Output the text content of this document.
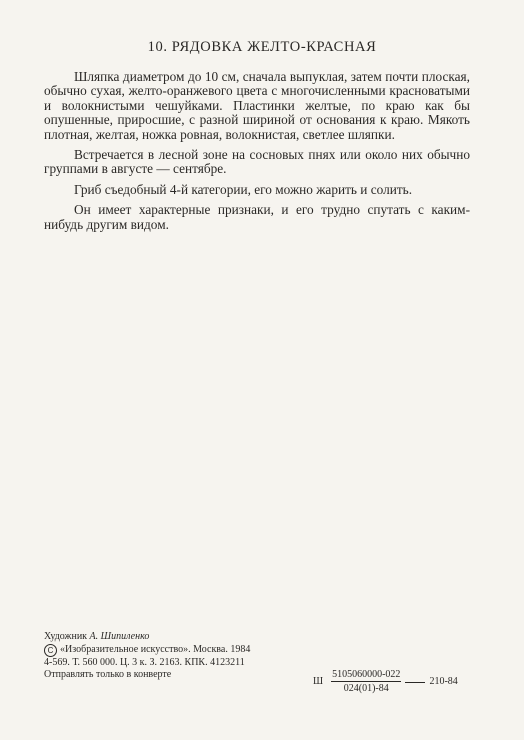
10. РЯДОВКА ЖЕЛТО-КРАСНАЯ

Шляпка диаметром до 10 см, сначала выпуклая, затем почти плоская, обычно сухая, желто-оранжевого цвета с многочисленными красноватыми и волокнистыми чешуйками. Пластинки желтые, по краю как бы опушенные, приросшие, с разной шириной от основания к краю. Мякоть плотная, желтая, ножка ровная, волокнистая, светлее шляпки.

Встречается в лесной зоне на сосновых пнях или около них обычно группами в августе — сентябре.

Гриб съедобный 4-й категории, его можно жарить и солить.

Он имеет характерные признаки, и его трудно спутать с каким-нибудь другим видом.

Художник А. Шипиленко
С «Изобразительное искусство». Москва. 1984
4-569. Т. 560 000. Ц. 3 к. З. 2163. КПК. 4123211
Отправлять только в конверте
Ш $\frac{5105060000-022}{024(01)-84}$	210-84
